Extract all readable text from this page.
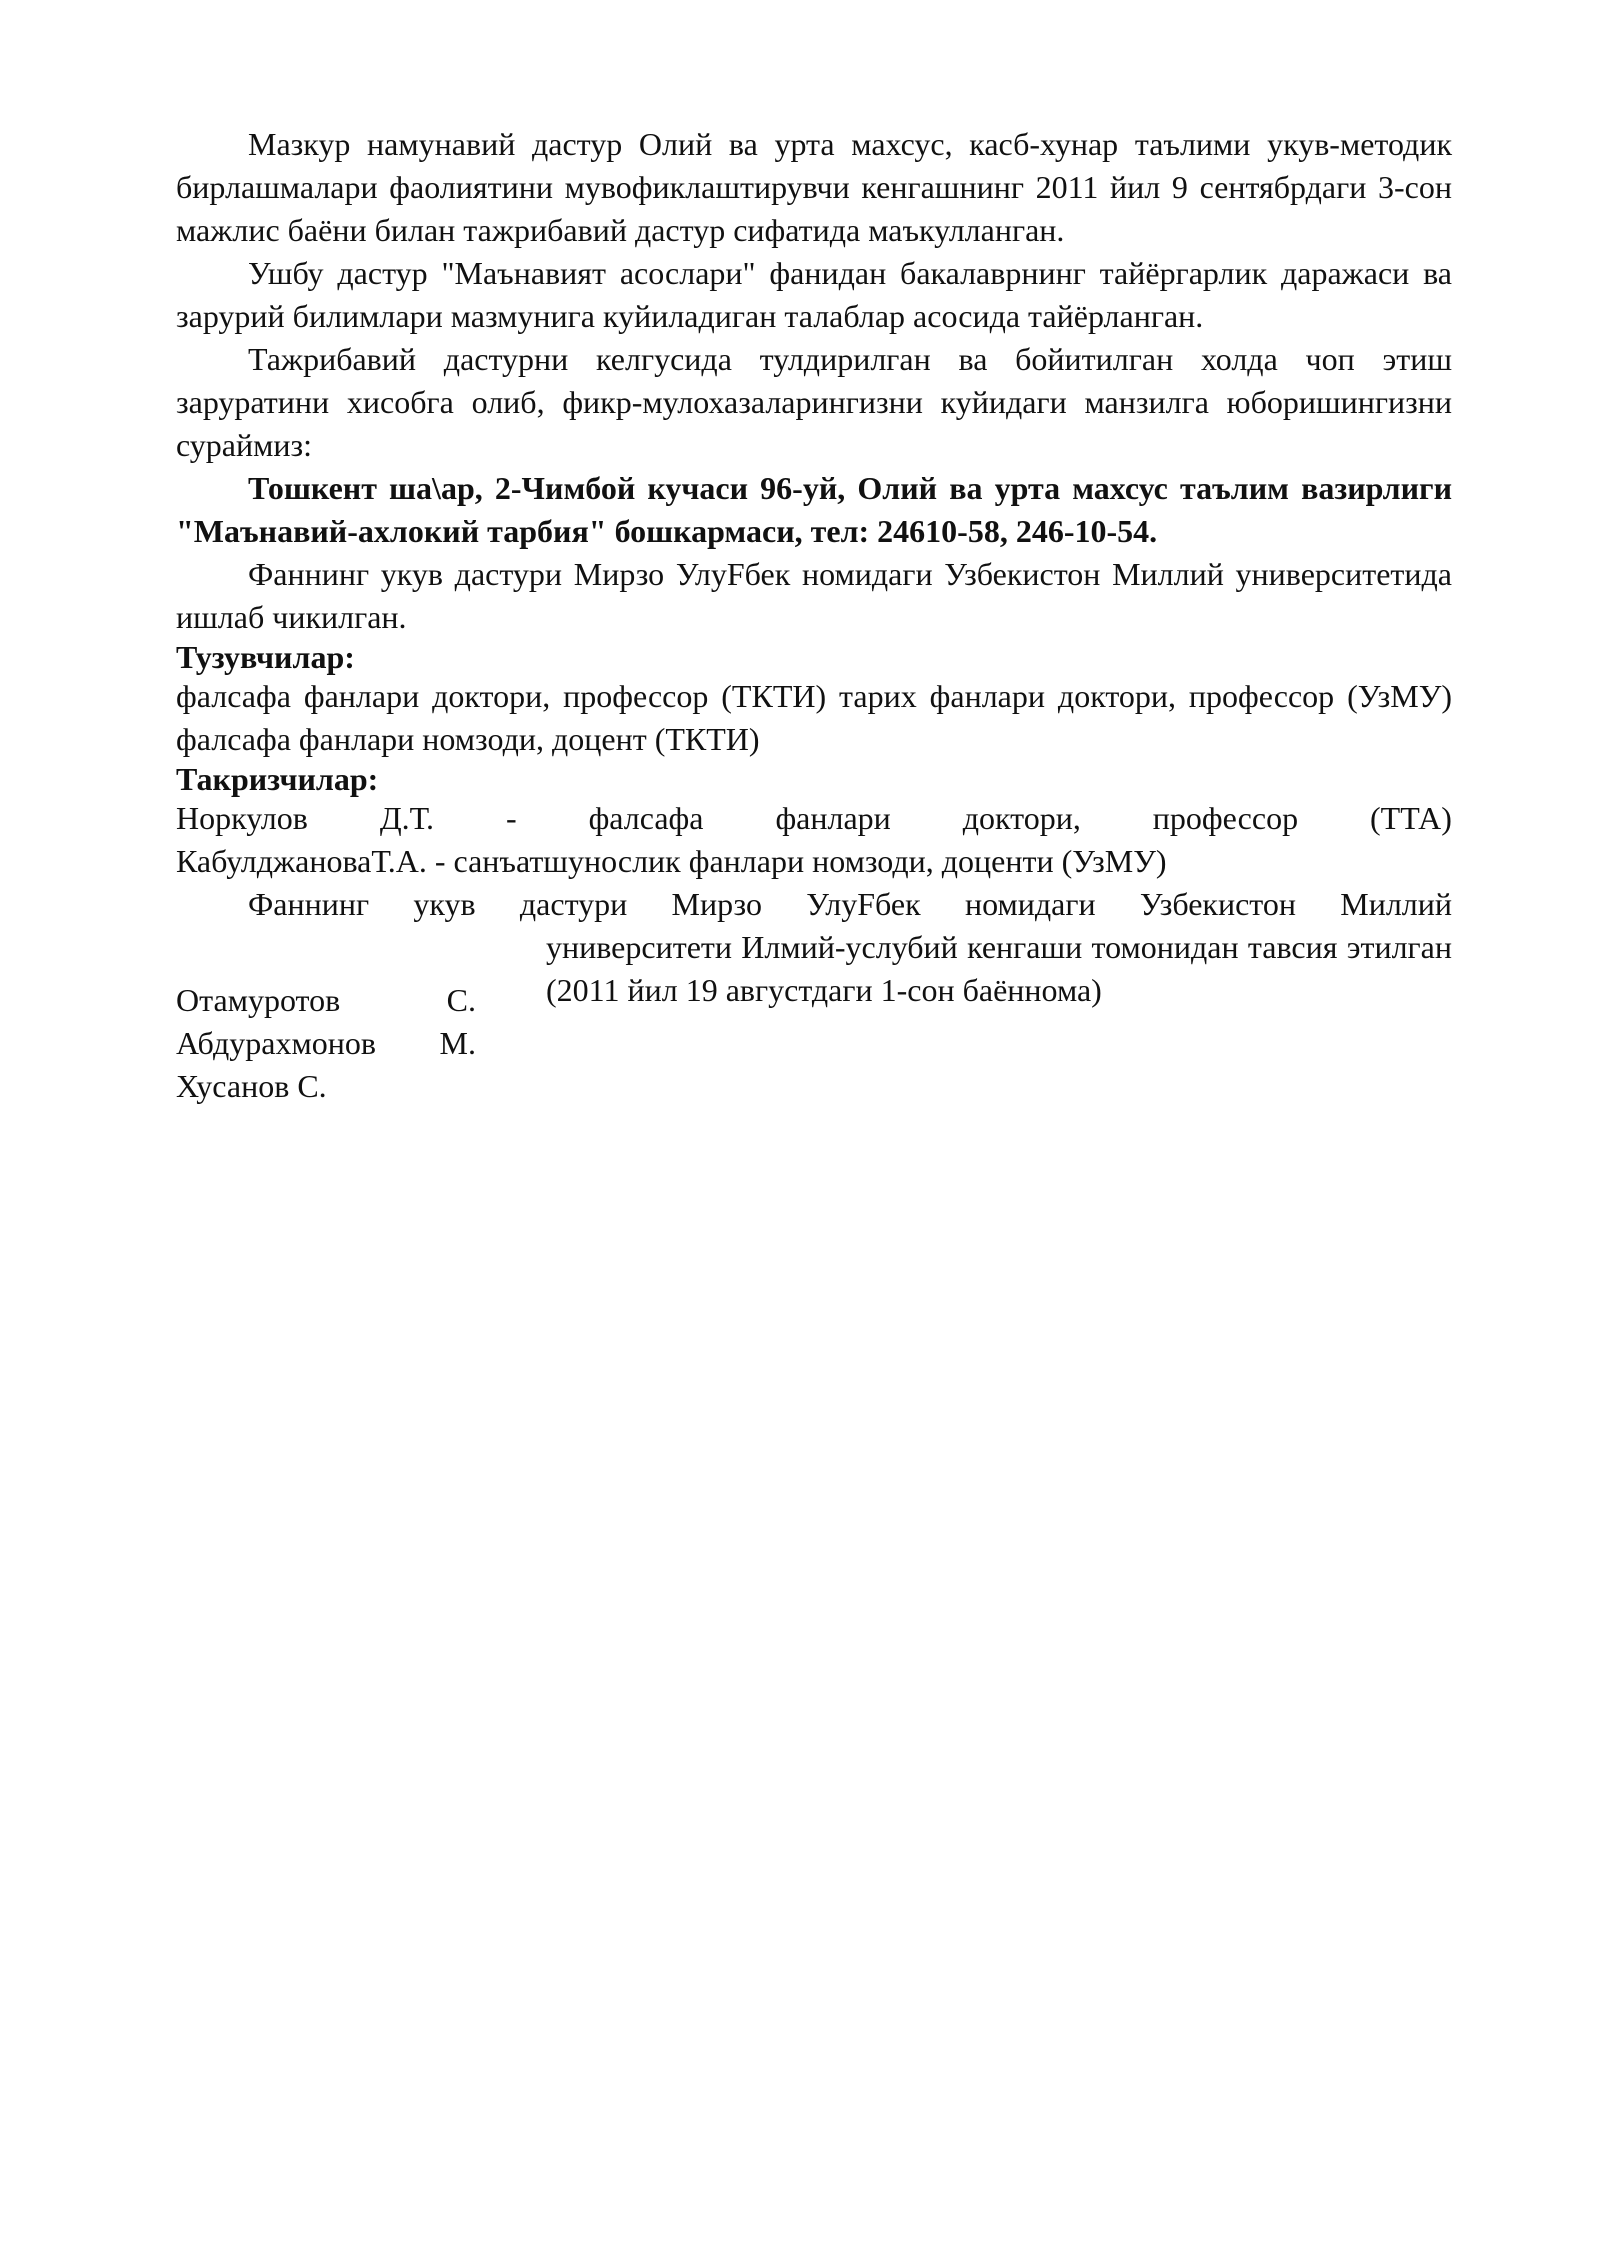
Мазкур намунавий дастур Олий ва урта махсус, касб-хунар таълими укув-методик бирлашмалари фаолиятини мувофиклаштирувчи кенгашнинг 2011 йил 9 сентябрдаги 3-сон мажлис баёни билан тажрибавий дастур сифатида маъкулланган.

Ушбу дастур "Маънавият асослари" фанидан бакалаврнинг тайёргарлик даражаси ва зарурий билимлари мазмунига куйиладиган талаблар асосида тайёрланган.

Тажрибавий дастурни келгусида тулдирилган ва бойитилган холда чоп этиш заруратини хисобга олиб, фикр-мулохазаларингизни куйидаги манзилга юборишингизни сураймиз:

Тошкент ша\ар, 2-Чимбой кучаси 96-уй, Олий ва урта махсус таълим вазирлиги "Маънавий-ахлокий тарбия" бошкармаси, тел: 24610-58, 246-10-54.

Фаннинг укув дастури Мирзо УлуFбек номидаги Узбекистон Миллий университетида ишлаб чикилган.

Тузувчилар:

фалсафа фанлари доктори, профессор (ТКТИ) тарих фанлари доктори, профессор (УзМУ) фалсафа фанлари номзоди, доцент (ТКТИ)

Такризчилар:

Норкулов Д.Т. - фалсафа фанлари доктори, профессор (ТТА)

КабулджановаТ.А. - санъатшунослик фанлари номзоди, доценти (УзМУ)

Фаннинг укув дастури Мирзо УлуFбек номидаги Узбекистон Миллий

университети Илмий-услубий кенгаши томонидан тавсия этилган (2011 йил 19 августдаги 1-сон баённома)

Отамуротов	С.
Абдурахмонов М.
Хусанов С.
